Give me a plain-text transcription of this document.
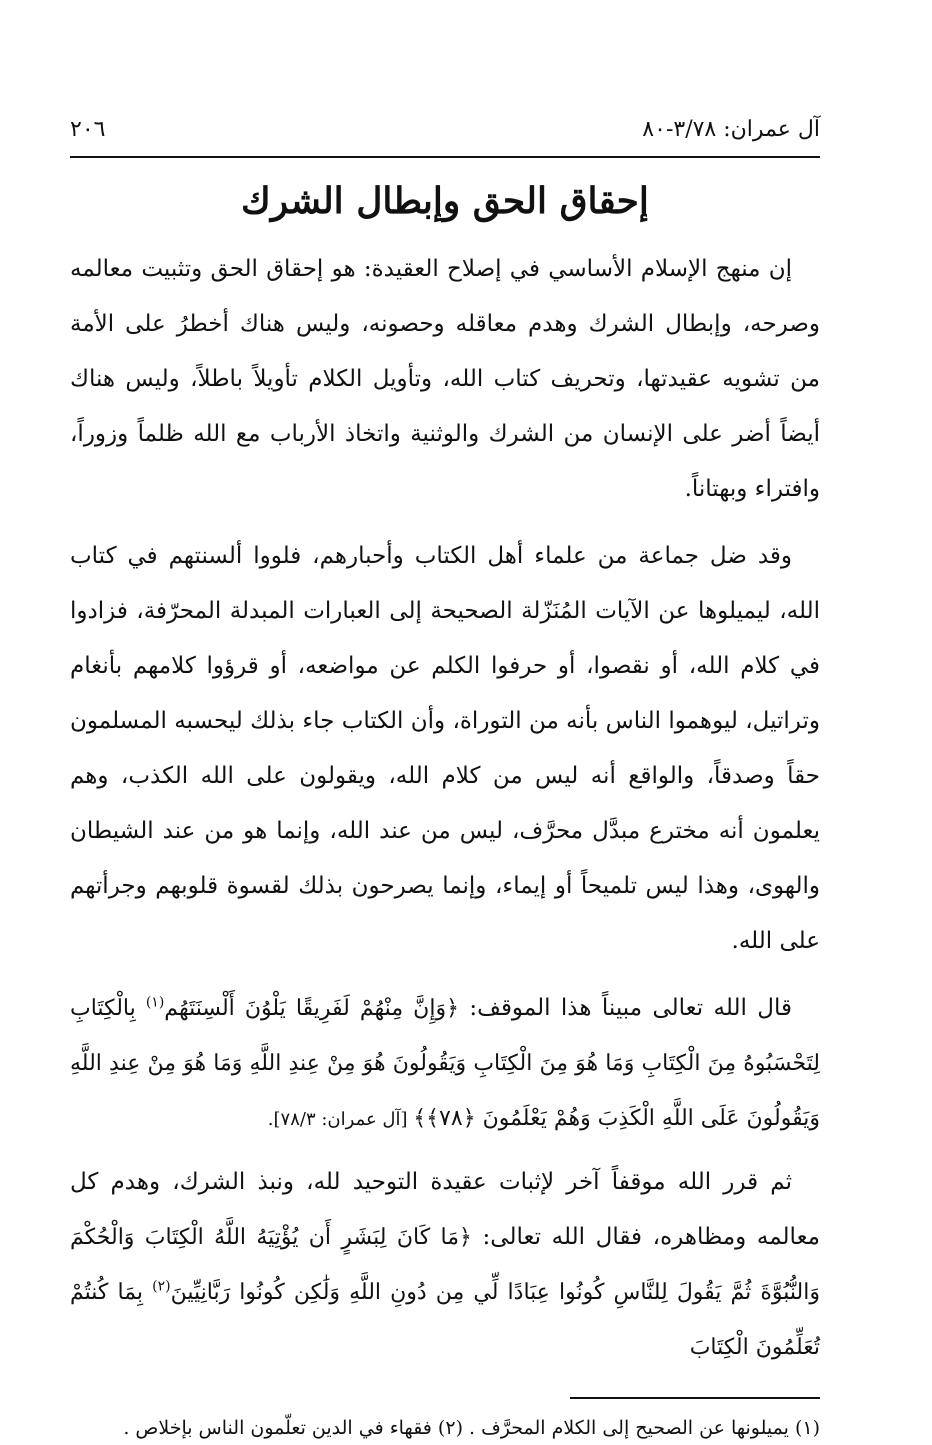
آل عمران: ٣/٧٨-٨٠
٢٠٦
إحقاق الحق وإبطال الشرك

إن منهج الإسلام الأساسي في إصلاح العقيدة: هو إحقاق الحق وتثبيت معالمه وصرحه، وإبطال الشرك وهدم معاقله وحصونه، وليس هناك أخطرُ على الأمة من تشويه عقيدتها، وتحريف كتاب الله، وتأويل الكلام تأويلاً باطلاً، وليس هناك أيضاً أضر على الإنسان من الشرك والوثنية واتخاذ الأرباب مع الله ظلماً وزوراً، وافتراء وبهتاناً.

وقد ضل جماعة من علماء أهل الكتاب وأحبارهم، فلووا ألسنتهم في كتاب الله، ليميلوها عن الآيات المُنَزّلة الصحيحة إلى العبارات المبدلة المحرّفة، فزادوا في كلام الله، أو نقصوا، أو حرفوا الكلم عن مواضعه، أو قرؤوا كلامهم بأنغام وتراتيل، ليوهموا الناس بأنه من التوراة، وأن الكتاب جاء بذلك ليحسبه المسلمون حقاً وصدقاً، والواقع أنه ليس من كلام الله، ويقولون على الله الكذب، وهم يعلمون أنه مخترع مبدَّل محرَّف، ليس من عند الله، وإنما هو من عند الشيطان والهوى، وهذا ليس تلميحاً أو إيماء، وإنما يصرحون بذلك لقسوة قلوبهم وجرأتهم على الله.

قال الله تعالى مبيناً هذا الموقف: ﴿وَإِنَّ مِنْهُمْ لَفَرِيقًا يَلْوُنَ أَلْسِنَتَهُم$^{(١)}$ بِالْكِتَابِ لِتَحْسَبُوهُ مِنَ الْكِتَابِ وَمَا هُوَ مِنَ الْكِتَابِ وَيَقُولُونَ هُوَ مِنْ عِندِ اللَّهِ وَمَا هُوَ مِنْ عِندِ اللَّهِ وَيَقُولُونَ عَلَى اللَّهِ الْكَذِبَ وَهُمْ يَعْلَمُونَ ﴿٧٨﴾﴾ [آل عمران: ٧٨/٣].

ثم قرر الله موقفاً آخر لإثبات عقيدة التوحيد لله، ونبذ الشرك، وهدم كل معالمه ومظاهره، فقال الله تعالى: ﴿مَا كَانَ لِبَشَرٍ أَن يُؤْتِيَهُ اللَّهُ الْكِتَابَ وَالْحُكْمَ وَالنُّبُوَّةَ ثُمَّ يَقُولَ لِلنَّاسِ كُونُوا عِبَادًا لِّي مِن دُونِ اللَّهِ وَلَٰكِن كُونُوا رَبَّانِيِّينَ$^{(٢)}$ بِمَا كُنتُمْ تُعَلِّمُونَ الْكِتَابَ

(١) يميلونها عن الصحيح إلى الكلام المحرَّف . (٢) فقهاء في الدين تعلّمون الناس بإخلاص .
